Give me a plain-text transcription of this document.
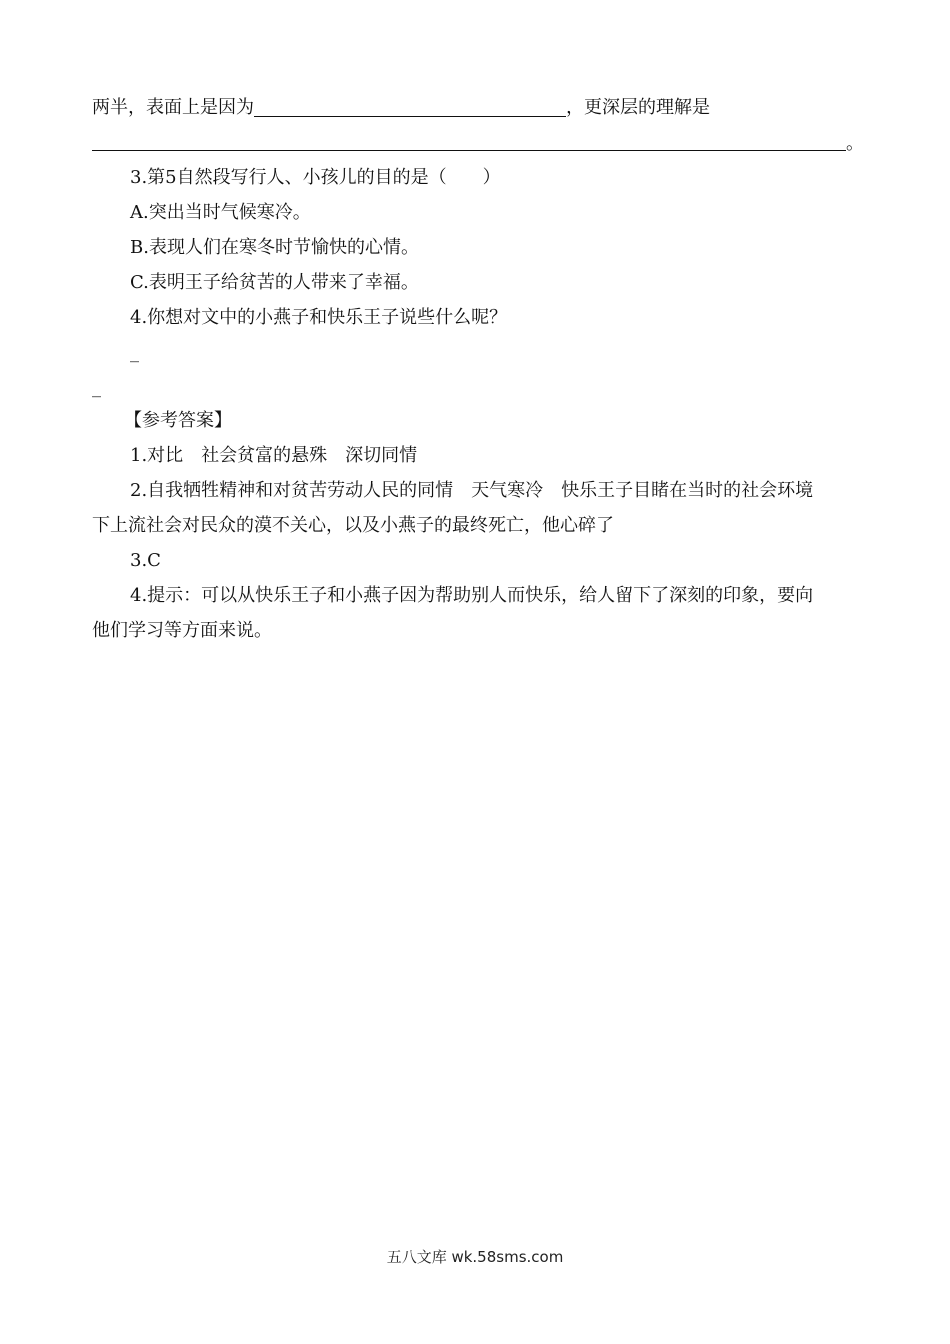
两半，表面上是因为	，更深层的理解是
。
3.第5自然段写行人、小孩儿的目的是（　　）
A.突出当时气候寒冷。
B.表现人们在寒冬时节愉快的心情。
C.表明王子给贫苦的人带来了幸福。
4.你想对文中的小燕子和快乐王子说些什么呢？
_
_
【参考答案】
1.对比　社会贫富的悬殊　深切同情
2.自我牺牲精神和对贫苦劳动人民的同情　天气寒冷　快乐王子目睹在当时的社会环境
下上流社会对民众的漠不关心，以及小燕子的最终死亡，他心碎了
3.C
4.提示：可以从快乐王子和小燕子因为帮助别人而快乐，给人留下了深刻的印象，要向
他们学习等方面来说。
五八文库 wk.58sms.com
